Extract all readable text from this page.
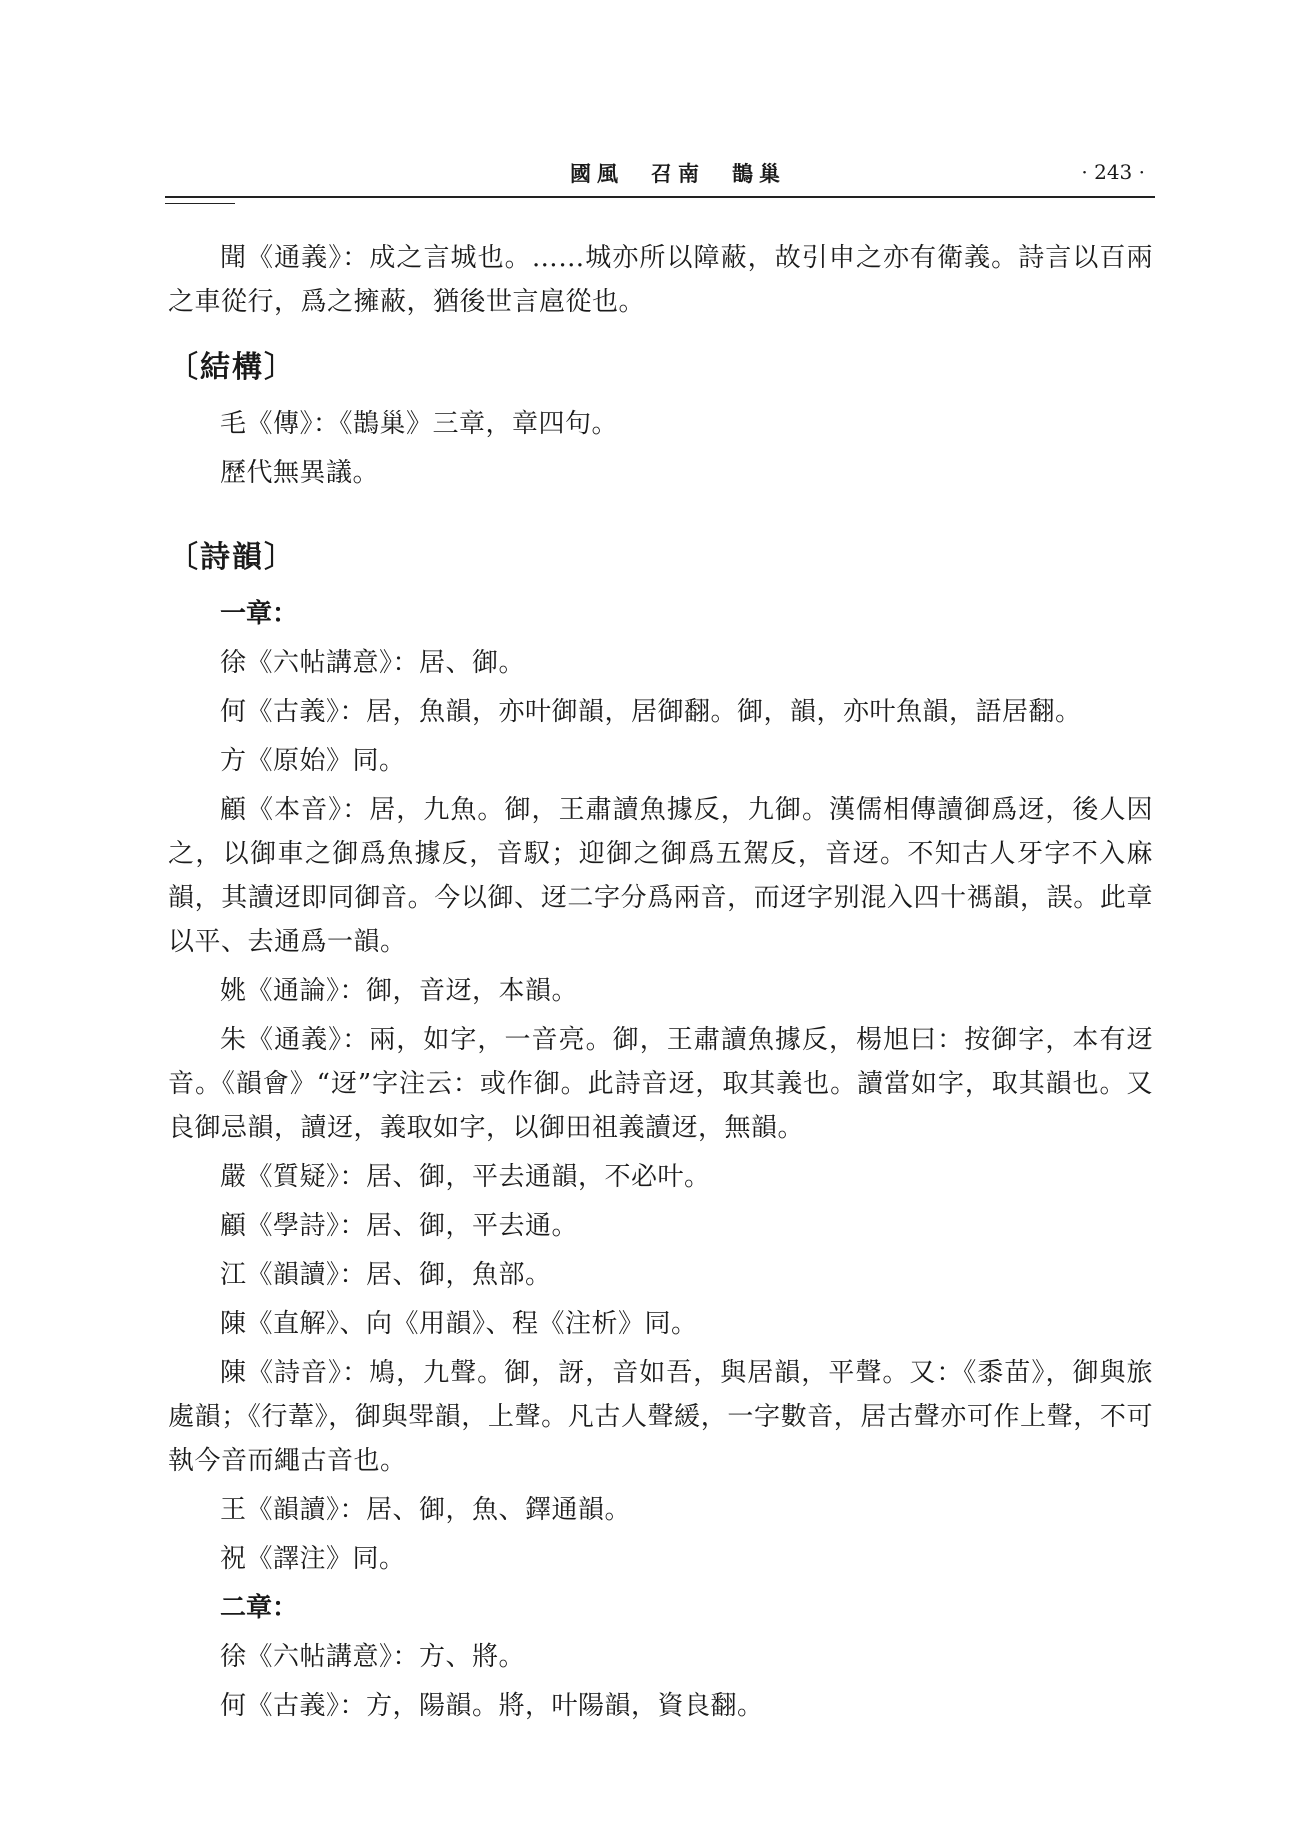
國風　召南　鵲巢	· 243 ·

聞《通義》：成之言城也。……城亦所以障蔽，故引申之亦有衛義。詩言以百兩之車從行，爲之擁蔽，猶後世言扈從也。

〔結構〕

毛《傳》：《鵲巢》三章，章四句。

歷代無異議。

〔詩韻〕

一章：

徐《六帖講意》：居、御。

何《古義》：居，魚韻，亦叶御韻，居御翻。御，韻，亦叶魚韻，語居翻。

方《原始》同。

顧《本音》：居，九魚。御，王肅讀魚據反，九御。漢儒相傳讀御爲迓，後人因之，以御車之御爲魚據反，音馭；迎御之御爲五駕反，音迓。不知古人牙字不入麻韻，其讀迓即同御音。今以御、迓二字分爲兩音，而迓字别混入四十禡韻，誤。此章以平、去通爲一韻。

姚《通論》：御，音迓，本韻。

朱《通義》：兩，如字，一音亮。御，王肅讀魚據反，楊旭曰：按御字，本有迓音。《韻會》“迓”字注云：或作御。此詩音迓，取其義也。讀當如字，取其韻也。又良御忌韻，讀迓，義取如字，以御田祖義讀迓，無韻。

嚴《質疑》：居、御，平去通韻，不必叶。

顧《學詩》：居、御，平去通。

江《韻讀》：居、御，魚部。

陳《直解》、向《用韻》、程《注析》同。

陳《詩音》：鳩，九聲。御，訝，音如吾，與居韻，平聲。又：《黍苗》，御與旅處韻；《行葦》，御與斝韻，上聲。凡古人聲緩，一字數音，居古聲亦可作上聲，不可執今音而繩古音也。

王《韻讀》：居、御，魚、鐸通韻。

祝《譯注》同。

二章：

徐《六帖講意》：方、將。

何《古義》：方，陽韻。將，叶陽韻，資良翻。
